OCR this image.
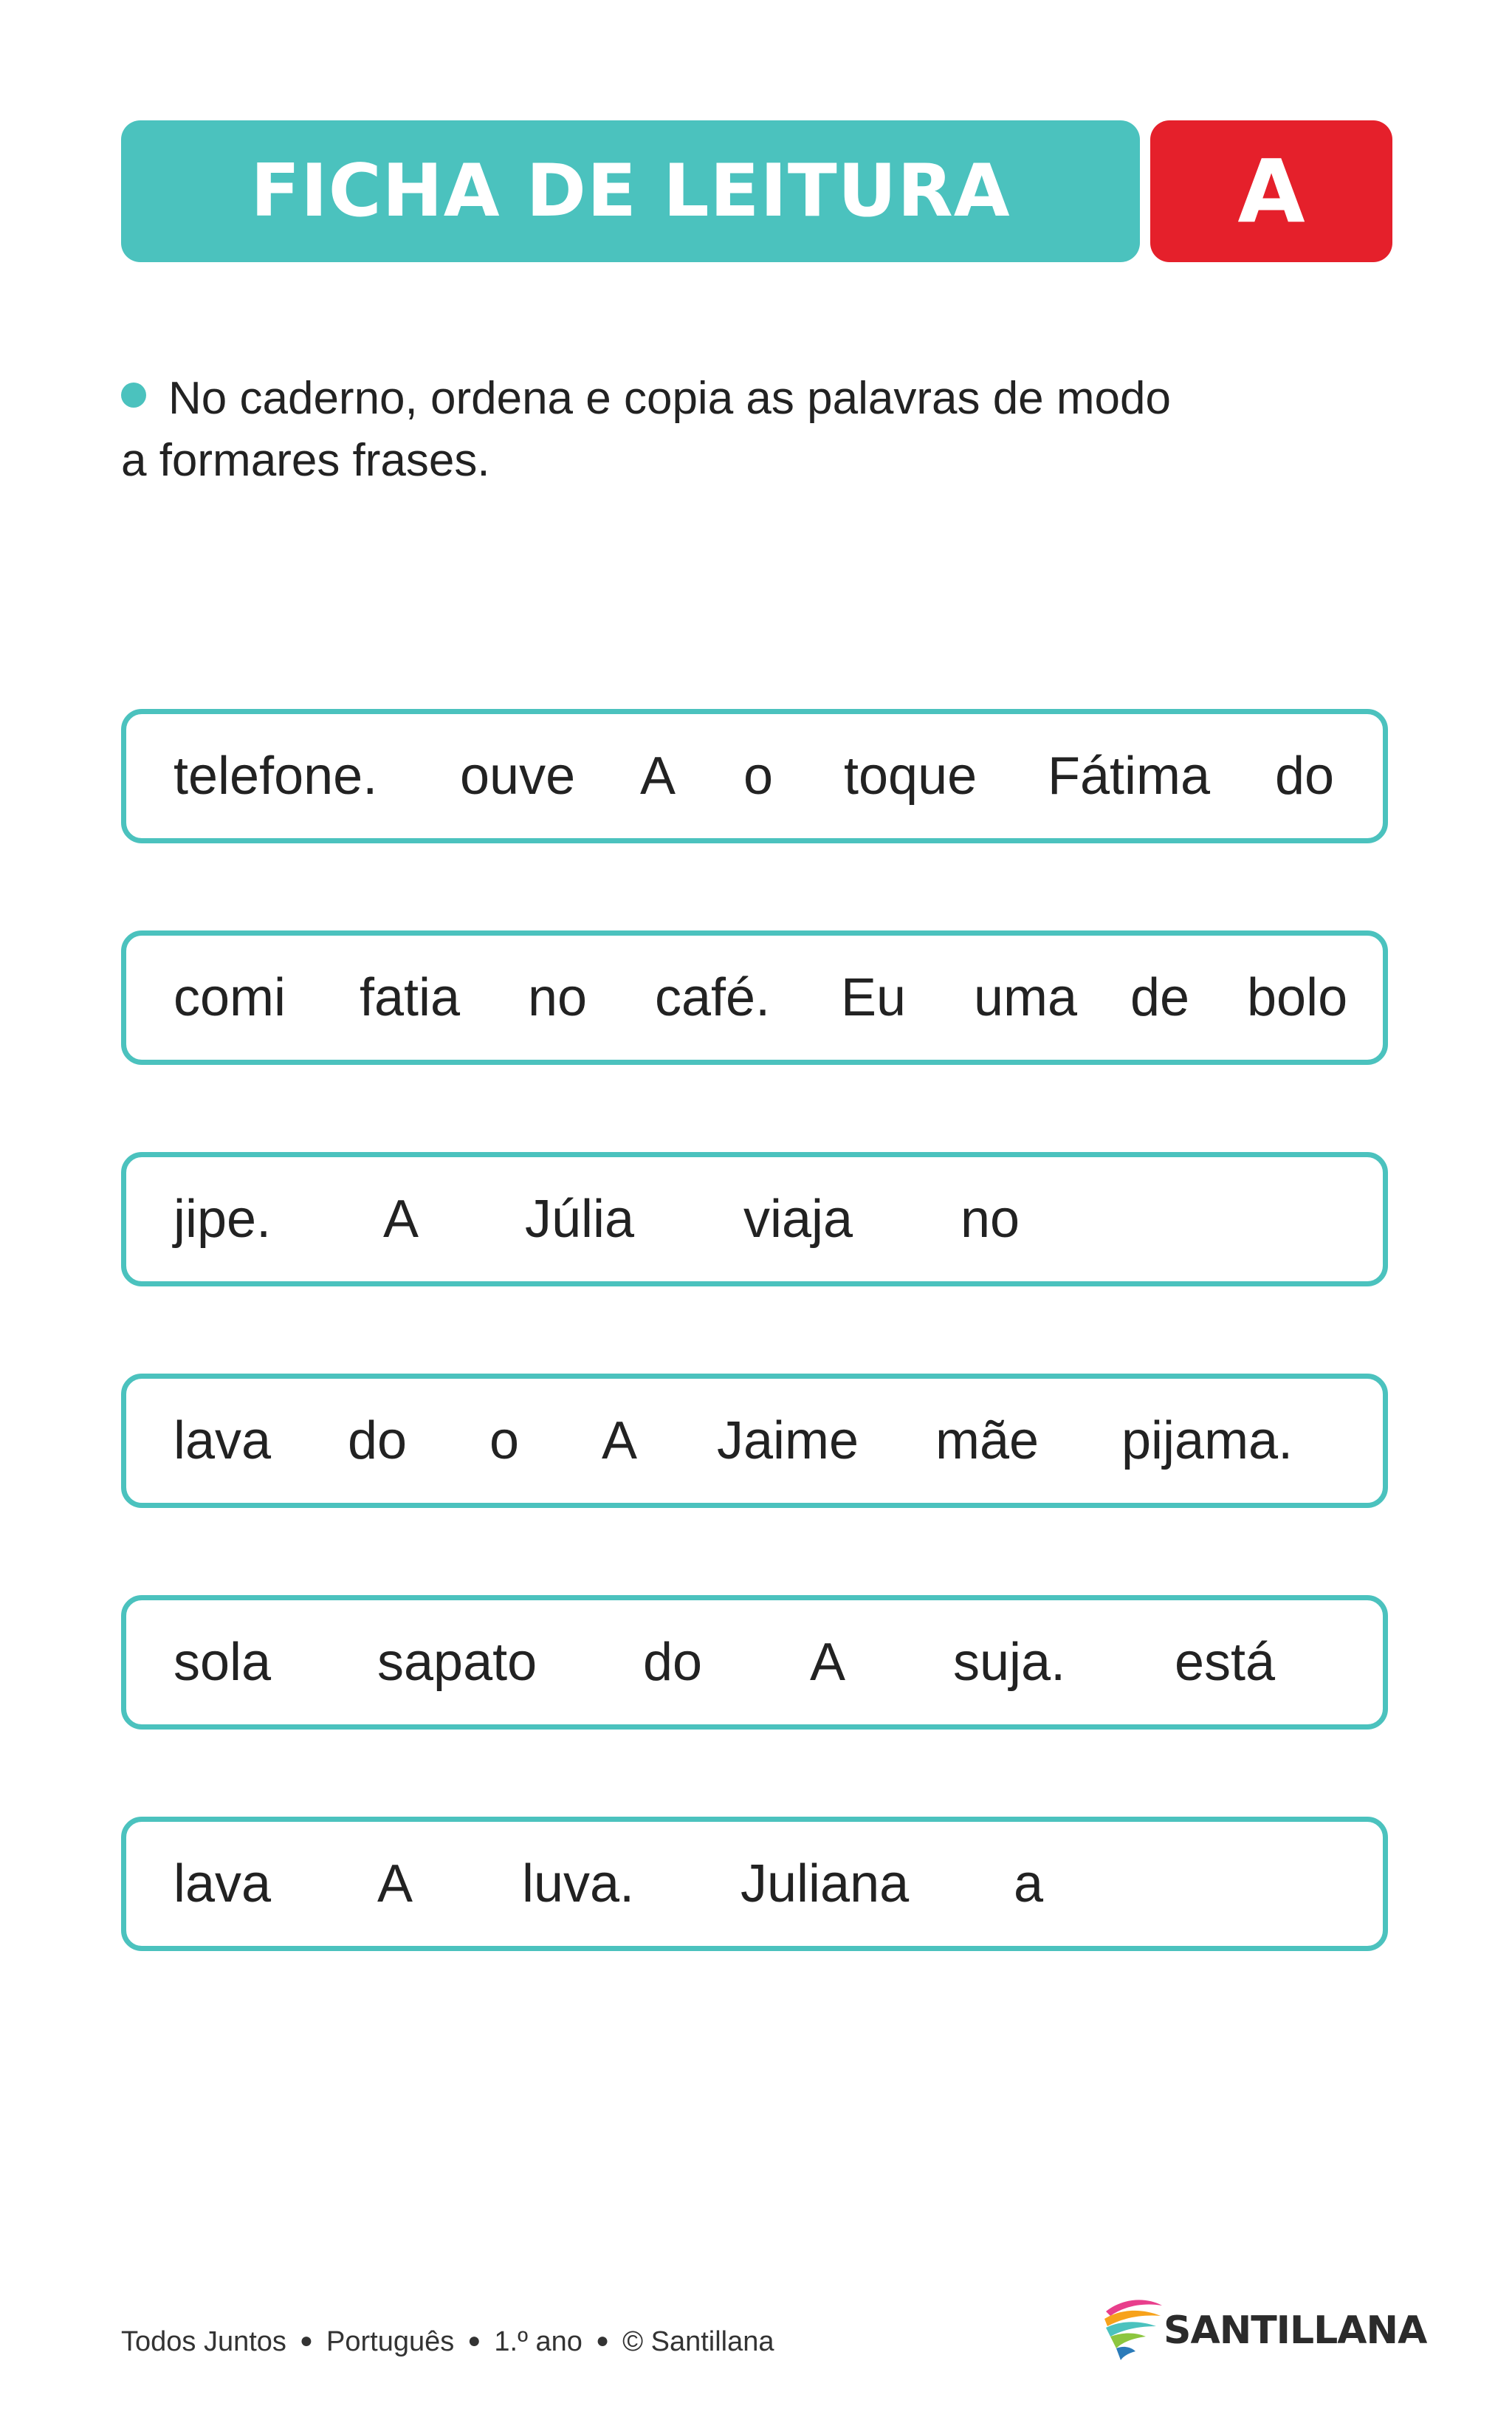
FICHA DE LEITURA	A
No caderno, ordena e copia as palavras de modo
a formares frases.
telefone. ouve A o toque Fátima do
comi fatia no café. Eu uma de bolo
jipe. A Júlia viaja no
lava do o A Jaime mãe pijama.
sola sapato do A suja. está
lava A luva. Juliana a
Todos Juntos ● Português ● 1.º ano ● © Santillana	SANTILLANA
